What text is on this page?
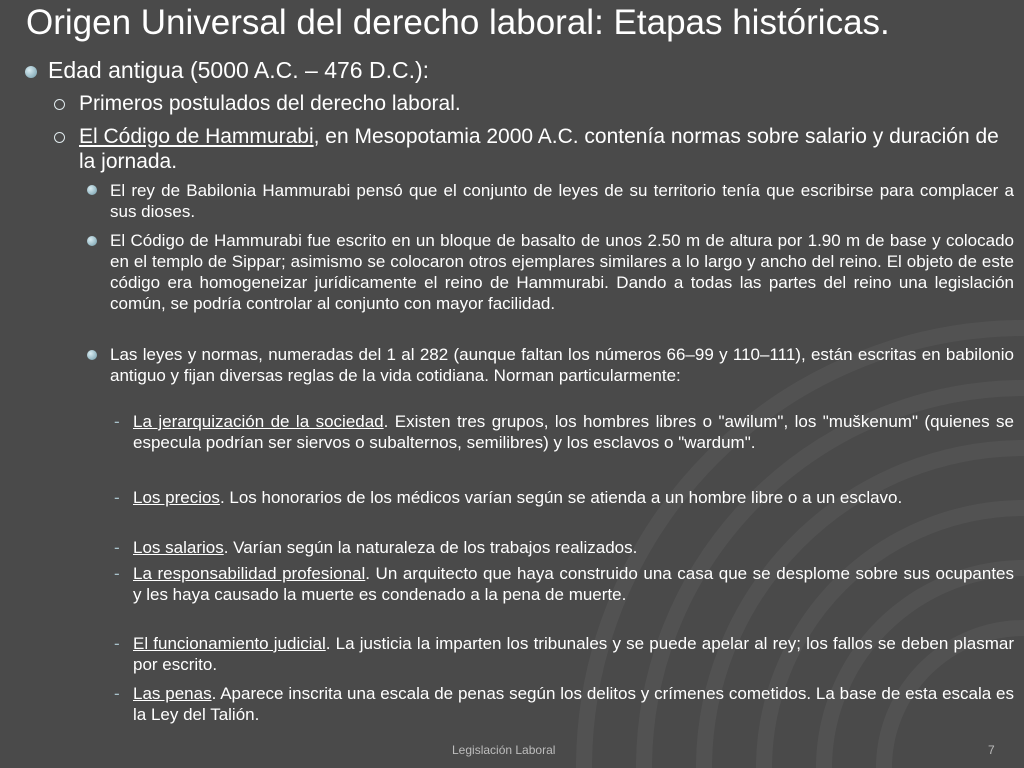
Origen Universal del derecho laboral: Etapas históricas.
Edad antigua (5000 A.C. – 476 D.C.):
Primeros postulados del derecho laboral.
El Código de Hammurabi, en Mesopotamia 2000 A.C. contenía normas sobre salario y duración de la jornada.
El rey de Babilonia Hammurabi pensó que el conjunto de leyes de su territorio tenía que escribirse para complacer a sus dioses.
El Código de Hammurabi fue escrito en un bloque de basalto de unos 2.50 m de altura por 1.90 m de base y colocado en el templo de Sippar; asimismo se colocaron otros ejemplares similares a lo largo y ancho del reino. El objeto de este código era homogeneizar jurídicamente el reino de Hammurabi. Dando a todas las partes del reino una legislación común, se podría controlar al conjunto con mayor facilidad.
Las leyes y normas, numeradas del 1 al 282 (aunque faltan los números 66–99 y 110–111), están escritas en babilonio antiguo y fijan diversas reglas de la vida cotidiana. Norman particularmente:
- La jerarquización de la sociedad. Existen tres grupos, los hombres libres o "awilum", los "muškenum" (quienes se especula podrían ser siervos o subalternos, semilibres) y los esclavos o "wardum".
- Los precios. Los honorarios de los médicos varían según se atienda a un hombre libre o a un esclavo.
- Los salarios. Varían según la naturaleza de los trabajos realizados.
- La responsabilidad profesional. Un arquitecto que haya construido una casa que se desplome sobre sus ocupantes y les haya causado la muerte es condenado a la pena de muerte.
- El funcionamiento judicial. La justicia la imparten los tribunales y se puede apelar al rey; los fallos se deben plasmar por escrito.
- Las penas. Aparece inscrita una escala de penas según los delitos y crímenes cometidos. La base de esta escala es la Ley del Talión.
Legislación Laboral	7
